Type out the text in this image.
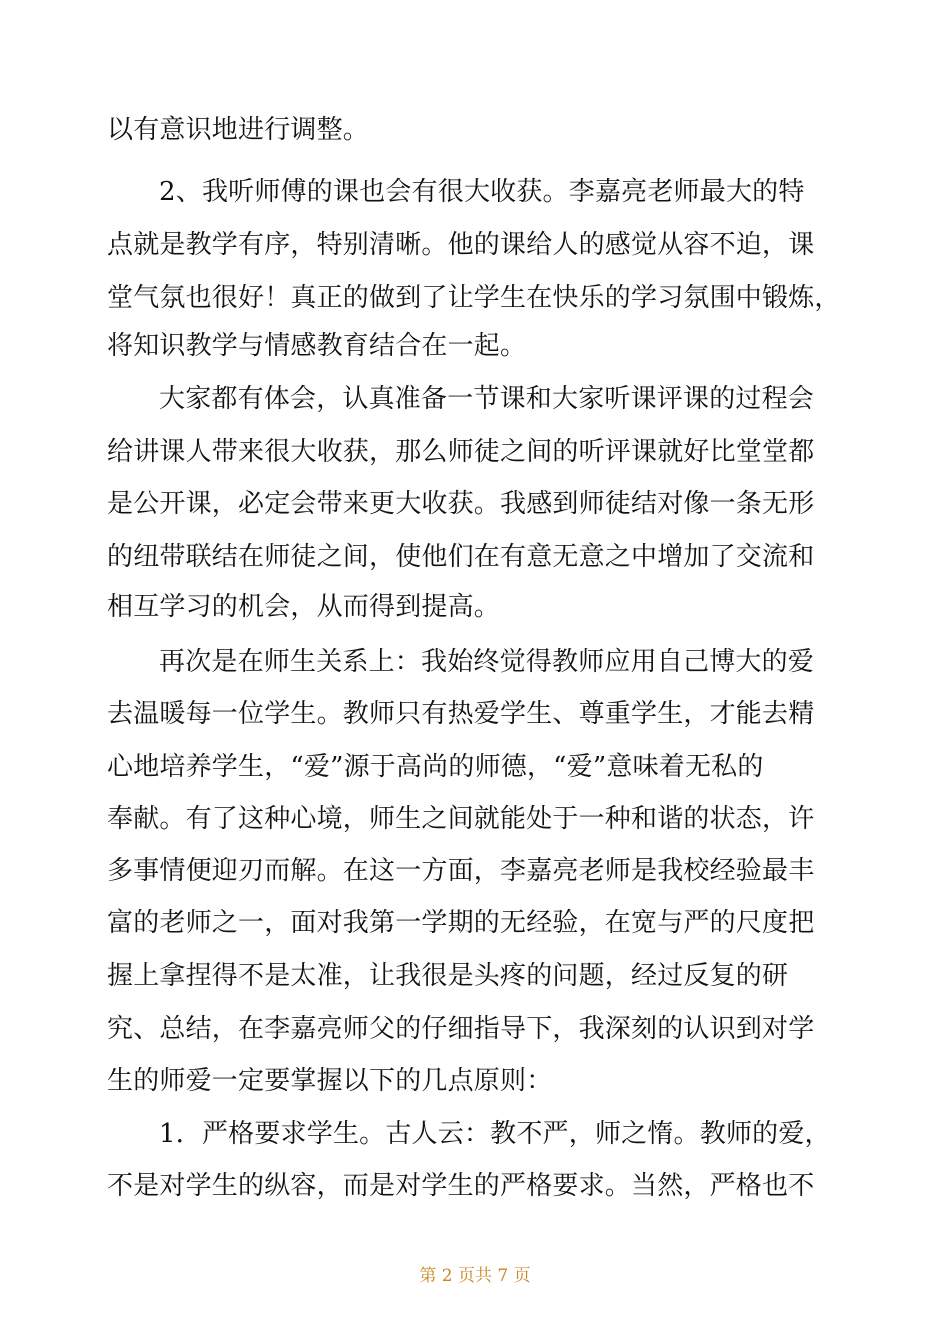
以有意识地进行调整。
2、我听师傅的课也会有很大收获。李嘉亮老师最大的特
点就是教学有序，特别清晰。他的课给人的感觉从容不迫，课
堂气氛也很好！真正的做到了让学生在快乐的学习氛围中锻炼，
将知识教学与情感教育结合在一起。
大家都有体会，认真准备一节课和大家听课评课的过程会
给讲课人带来很大收获，那么师徒之间的听评课就好比堂堂都
是公开课，必定会带来更大收获。我感到师徒结对像一条无形
的纽带联结在师徒之间，使他们在有意无意之中增加了交流和
相互学习的机会，从而得到提高。
再次是在师生关系上：我始终觉得教师应用自己博大的爱
去温暖每一位学生。教师只有热爱学生、尊重学生，才能去精
心地培养学生，“爱”源于高尚的师德，“爱”意味着无私的
奉献。有了这种心境，师生之间就能处于一种和谐的状态，许
多事情便迎刃而解。在这一方面，李嘉亮老师是我校经验最丰
富的老师之一，面对我第一学期的无经验，在宽与严的尺度把
握上拿捏得不是太准，让我很是头疼的问题，经过反复的研
究、总结，在李嘉亮师父的仔细指导下，我深刻的认识到对学
生的师爱一定要掌握以下的几点原则：
1．严格要求学生。古人云：教不严，师之惰。教师的爱，
不是对学生的纵容，而是对学生的严格要求。当然，严格也不
第 2 页共 7 页
